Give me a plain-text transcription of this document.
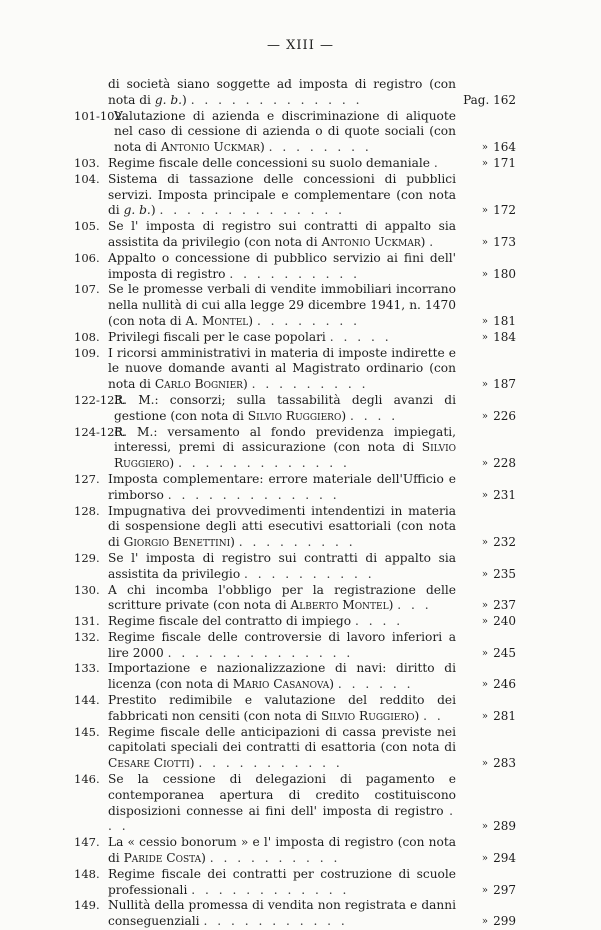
— XIII —
di società siano soggette ad imposta di registro (con nota di g. b.) . . . . . . . . . . . . .	Pag. 162
101-102.
Valutazione di azienda e discriminazione di aliquote nel caso di cessione di azienda o di quote sociali (con nota di Antonio Uckmar) . . . . . . . .	» 164
103. Regime fiscale delle concessioni su suolo demaniale .	» 171
104. Sistema di tassazione delle concessioni di pubblici servizi. Imposta principale e complementare (con nota di g. b.) . . . . . . . . . . . . . .	» 172
105. Se l' imposta di registro sui contratti di appalto sia assistita da privilegio (con nota di Antonio Uckmar) .	» 173
106. Appalto o concessione di pubblico servizio ai fini dell' imposta di registro . . . . . . . . . .	» 180
107. Se le promesse verbali di vendite immobiliari incorrano nella nullità di cui alla legge 29 dicembre 1941, n. 1470 (con nota di A. Montel) . . . . . . . .	» 181
108. Privilegi fiscali per le case popolari . . . . .	» 184
109. I ricorsi amministrativi in materia di imposte indirette e le nuove domande avanti al Magistrato ordinario (con nota di Carlo Bognier) . . . . . . . . .	» 187
122-123.
R. M.: consorzi; sulla tassabilità degli avanzi di gestione (con nota di Silvio Ruggiero) . . . .	» 226
124-126.
R. M.: versamento al fondo previdenza impiegati, interessi, premi di assicurazione (con nota di Silvio Ruggiero) . . . . . . . . . . . . .	» 228
127. Imposta complementare: errore materiale dell'Ufficio e rimborso . . . . . . . . . . . . .	» 231
128. Impugnativa dei provvedimenti intendentizi in materia di sospensione degli atti esecutivi esattoriali (con nota di Giorgio Benettini) . . . . . . . . .	» 232
129. Se l' imposta di registro sui contratti di appalto sia assistita da privilegio . . . . . . . . . .	» 235
130. A chi incomba l'obbligo per la registrazione delle scritture private (con nota di Alberto Montel) . . .	» 237
131. Regime fiscale del contratto di impiego . . . .	» 240
132. Regime fiscale delle controversie di lavoro inferiori a lire 2000 . . . . . . . . . . . . . .	» 245
133. Importazione e nazionalizzazione di navi: diritto di licenza (con nota di Mario Casanova) . . . . . .	» 246
144. Prestito redimibile e valutazione del reddito dei fabbricati non censiti (con nota di Silvio Ruggiero) . .	» 281
145. Regime fiscale delle anticipazioni di cassa previste nei capitolati speciali dei contratti di esattoria (con nota di Cesare Ciotti) . . . . . . . . . . .	» 283
146. Se la cessione di delegazioni di pagamento e contemporanea apertura di credito costituiscono disposizioni connesse ai fini dell' imposta di registro . . .	» 289
147. La « cessio bonorum » e l' imposta di registro (con nota di Paride Costa) . . . . . . . . . .	» 294
148. Regime fiscale dei contratti per costruzione di scuole professionali . . . . . . . . . . . .	» 297
149. Nullità della promessa di vendita non registrata e danni conseguenziali . . . . . . . . . . .	» 299
